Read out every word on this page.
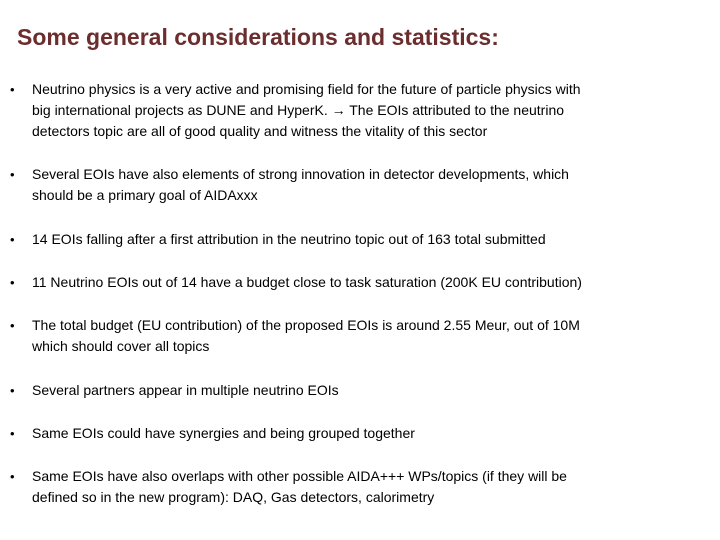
Some general considerations and statistics:
• Neutrino physics is a very active and promising field for the future of particle physics with
big international projects as DUNE and HyperK. → The EOIs attributed to the neutrino
detectors topic are all of good quality and witness the vitality of this sector
• Several EOIs have also elements of strong innovation in detector developments, which
should be a primary goal of AIDAxxx
• 14 EOIs falling after a first attribution in the neutrino topic out of 163 total submitted
• 11 Neutrino EOIs out of 14 have a budget close to task saturation (200K EU contribution)
• The total budget (EU contribution) of the proposed EOIs is around 2.55 Meur, out of 10M
which should cover all topics
• Several partners appear in multiple neutrino EOIs
• Same EOIs could have synergies and being grouped together
• Same EOIs have also overlaps with other possible AIDA+++ WPs/topics (if they will be
defined so in the new program): DAQ, Gas detectors, calorimetry
